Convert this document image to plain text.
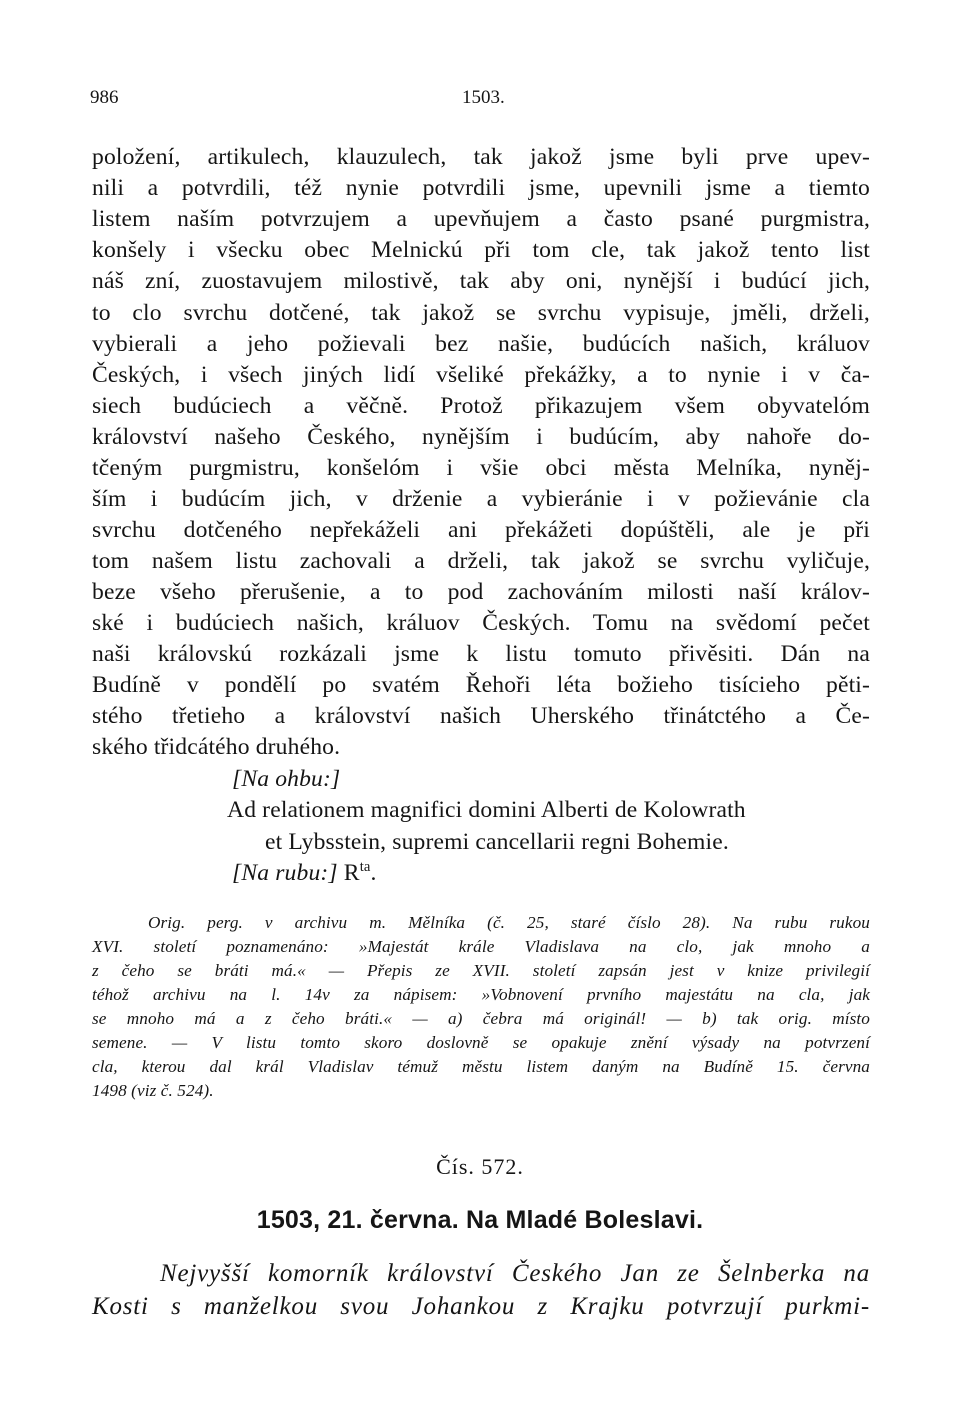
986	1503.
položení, artikulech, klauzulech, tak jakož jsme byli prve upev-
nili a potvrdili, též nynie potvrdili jsme, upevnili jsme a tiemto
listem naším potvrzujem a upevňujem a často psané purgmistra,
konšely i všecku obec Melnickú při tom cle, tak jakož tento list
náš zní, zuostavujem milostivě, tak aby oni, nynější i budúcí jich,
to clo svrchu dotčené, tak jakož se svrchu vypisuje, jměli, drželi,
vybierali a jeho požievali bez našie, budúcích našich, králuov
Českých, i všech jiných lidí všeliké překážky, a to nynie i v ča-
siech budúciech a věčně. Protož přikazujem všem obyvatelóm
království našeho Českého, nynějším i budúcím, aby nahoře do-
tčeným purgmistru, konšelóm i všie obci města Melníka, nyněj-
ším i budúcím jich, v drženie a vybieránie i v požievánie cla
svrchu dotčeného nepřekáželi ani překážeti dopúštěli, ale je při
tom našem listu zachovali a drželi, tak jakož se svrchu vyličuje,
beze všeho přerušenie, a to pod zachováním milosti naší králov-
ské i budúciech našich, králuov Českých. Tomu na svědomí pečet
naši královskú rozkázali jsme k listu tomuto přivěsiti. Dán na
Budíně v pondělí po svatém Řehoři léta božieho tisícieho pěti-
stého třetieho a království našich Uherského třinátctého a Če-
ského třidcátého druhého.
[Na ohbu:]
Ad relationem magnifici domini Alberti de Kolowrath
et Lybsstein, supremi cancellarii regni Bohemie.
[Na rubu:] $R^{ta}$.
Orig. perg. v archivu m. Mělníka (č. 25, staré číslo 28). Na rubu rukou
XVI. století poznamenáno: »Majestát krále Vladislava na clo, jak mnoho a
z čeho se bráti má.« — Přepis ze XVII. století zapsán jest v knize privilegií
téhož archivu na l. 14v za nápisem: »Vobnovení prvního majestátu na cla, jak
se mnoho má a z čeho bráti.« — a) čebra má originál! — b) tak orig. místo
semene. — V listu tomto skoro doslovně se opakuje znění výsady na potvrzení
cla, kterou dal král Vladislav témuž městu listem daným na Budíně 15. června
1498 (viz č. 524).
Čís. 572.
1503, 21. června. Na Mladé Boleslavi.
Nejvyšší komorník království Českého Jan ze Šelnberka na
Kosti s manželkou svou Johankou z Krajku potvrzují purkmi-
